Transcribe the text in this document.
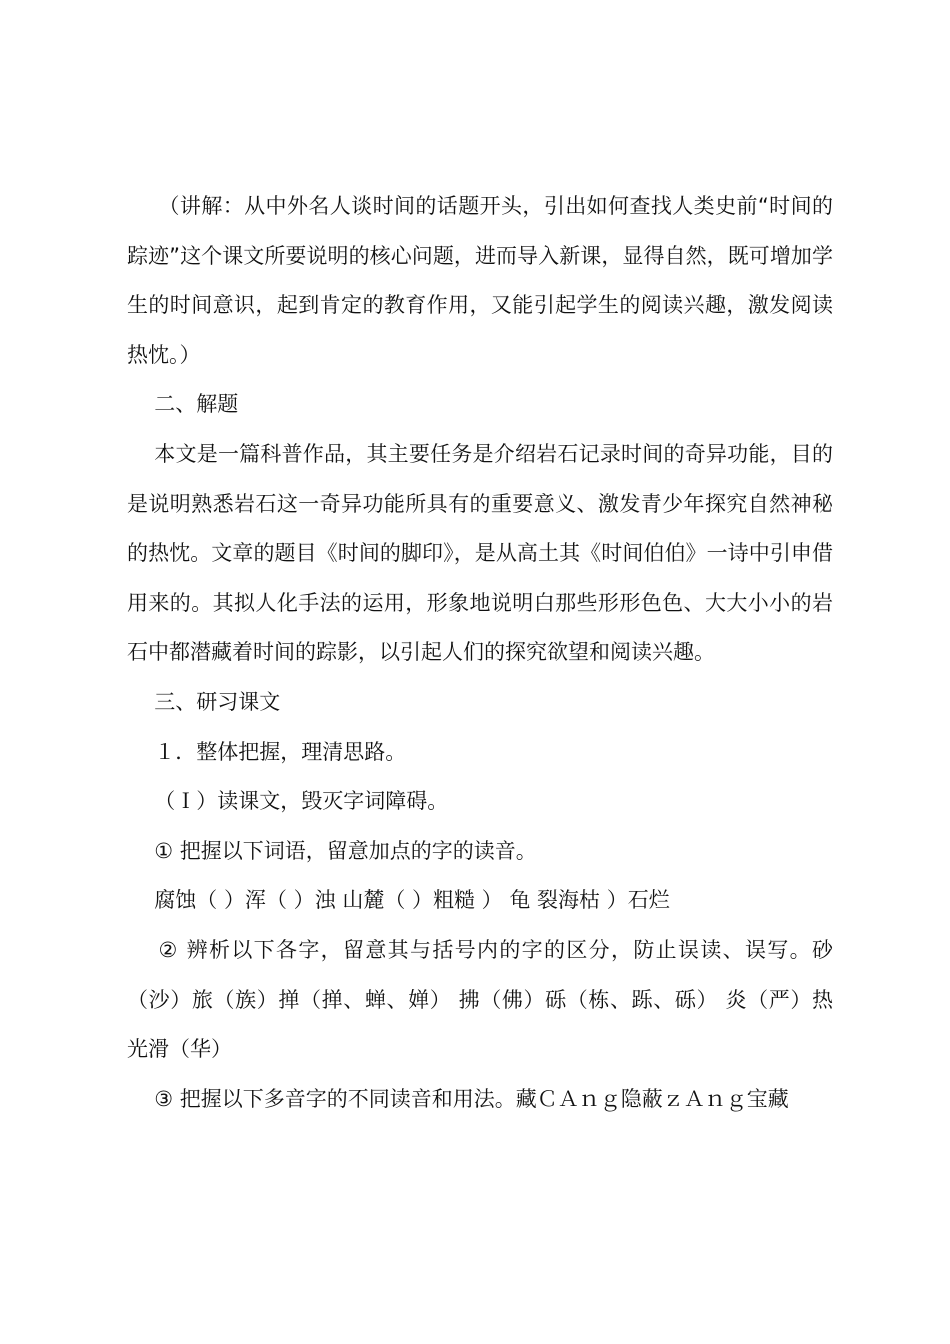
（讲解：从中外名人谈时间的话题开头，引出如何查找人类史前“时间的踪迹”这个课文所要说明的核心问题，进而导入新课，显得自然，既可增加学生的时间意识，起到肯定的教育作用，又能引起学生的阅读兴趣，激发阅读热忱。）

二、解题

本文是一篇科普作品，其主要任务是介绍岩石记录时间的奇异功能，目的是说明熟悉岩石这一奇异功能所具有的重要意义、激发青少年探究自然神秘的热忱。文章的题目《时间的脚印》，是从高土其《时间伯伯》一诗中引申借用来的。其拟人化手法的运用，形象地说明白那些形形色色、大大小小的岩石中都潜藏着时间的踪影，以引起人们的探究欲望和阅读兴趣。

三、研习课文

１．整体把握，理清思路。

（Ｉ）读课文，毁灭字词障碍。

① 把握以下词语，留意加点的字的读音。

腐蚀（ ）浑（ ）浊 山麓（ ）粗糙 ） 龟 裂海枯 ）石烂

② 辨析以下各字，留意其与括号内的字的区分，防止误读、误写。砂（沙）旅（族）掸（掸、蝉、婵） 拂（佛）砾（栋、跞、砾） 炎（严）热光滑（华）

③ 把握以下多音字的不同读音和用法。藏ＣＡｎｇ隐蔽ｚＡｎｇ宝藏
